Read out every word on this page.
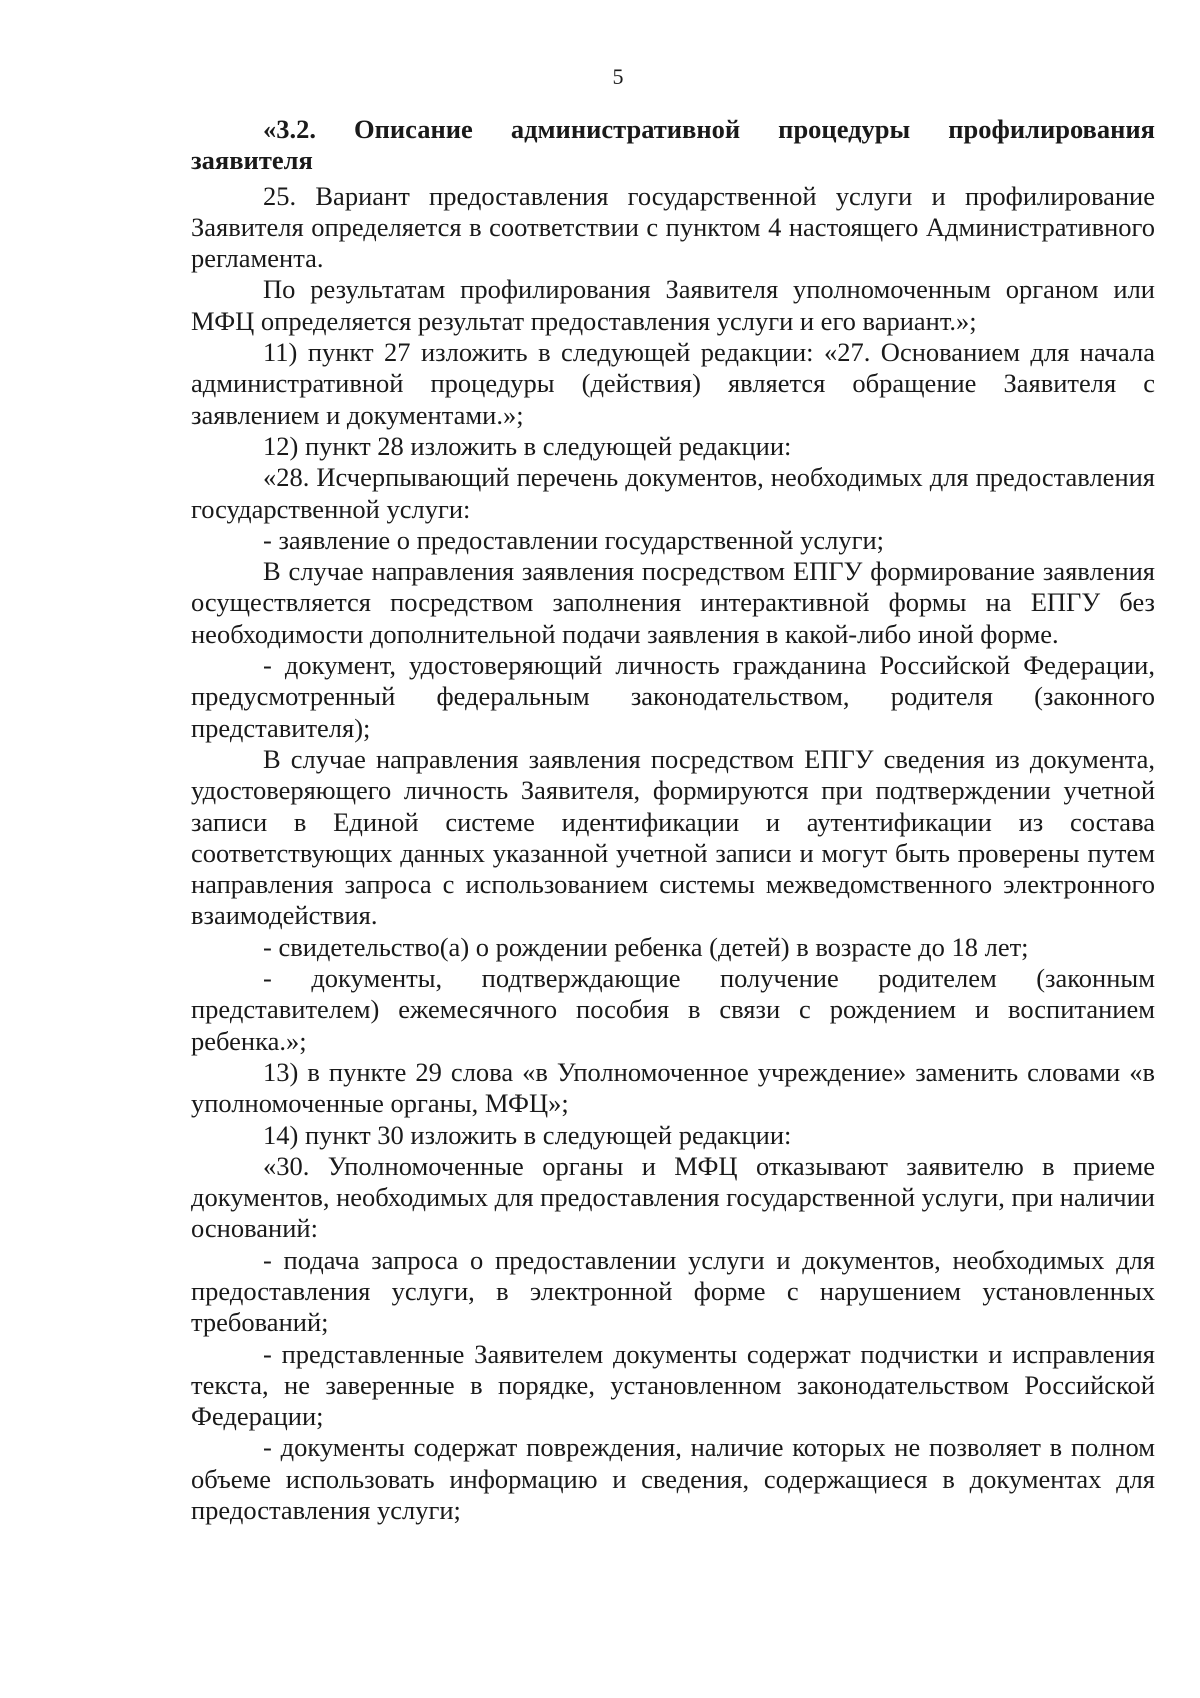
5

«3.2. Описание административной процедуры профилирования заявителя

25. Вариант предоставления государственной услуги и профилирование Заявителя определяется в соответствии с пунктом 4 настоящего Административного регламента.

По результатам профилирования Заявителя уполномоченным органом или МФЦ определяется результат предоставления услуги и его вариант.»;

11) пункт 27 изложить в следующей редакции: «27. Основанием для начала административной процедуры (действия) является обращение Заявителя с заявлением и документами.»;

12) пункт 28 изложить в следующей редакции:

«28. Исчерпывающий перечень документов, необходимых для предоставления государственной услуги:

- заявление о предоставлении государственной услуги;

В случае направления заявления посредством ЕПГУ формирование заявления осуществляется посредством заполнения интерактивной формы на ЕПГУ без необходимости дополнительной подачи заявления в какой-либо иной форме.

- документ, удостоверяющий личность гражданина Российской Федерации, предусмотренный федеральным законодательством, родителя (законного представителя);

В случае направления заявления посредством ЕПГУ сведения из документа, удостоверяющего личность Заявителя, формируются при подтверждении учетной записи в Единой системе идентификации и аутентификации из состава соответствующих данных указанной учетной записи и могут быть проверены путем направления запроса с использованием системы межведомственного электронного взаимодействия.

- свидетельство(а) о рождении ребенка (детей) в возрасте до 18 лет;

- документы, подтверждающие получение родителем (законным представителем) ежемесячного пособия в связи с рождением и воспитанием ребенка.»;

13) в пункте 29 слова «в Уполномоченное учреждение» заменить словами «в уполномоченные органы, МФЦ»;

14) пункт 30 изложить в следующей редакции:

«30. Уполномоченные органы и МФЦ отказывают заявителю в приеме документов, необходимых для предоставления государственной услуги, при наличии оснований:

- подача запроса о предоставлении услуги и документов, необходимых для предоставления услуги, в электронной форме с нарушением установленных требований;

- представленные Заявителем документы содержат подчистки и исправления текста, не заверенные в порядке, установленном законодательством Российской Федерации;

- документы содержат повреждения, наличие которых не позволяет в полном объеме использовать информацию и сведения, содержащиеся в документах для предоставления услуги;
